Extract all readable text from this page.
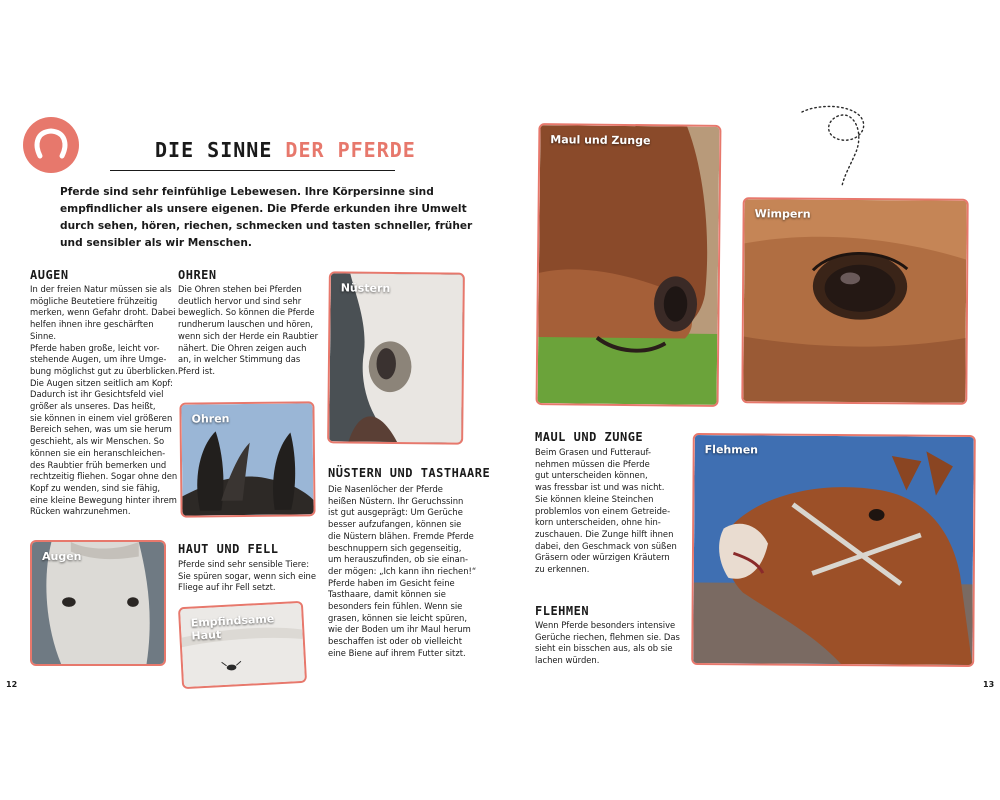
DIE SINNE DER PFERDE
Pferde sind sehr feinfühlige Lebewesen. Ihre Körpersinne sind empfindlicher als unsere eigenen. Die Pferde erkunden ihre Umwelt durch sehen, hören, riechen, schmecken und tasten schneller, früher und sensibler als wir Menschen.
AUGEN
In der freien Natur müssen sie als
mögliche Beutetiere frühzeitig
merken, wenn Gefahr droht. Dabei
helfen ihnen ihre geschärften Sinne.
Pferde haben große, leicht vor-
stehende Augen, um ihre Umge-
bung möglichst gut zu überblicken.
Die Augen sitzen seitlich am Kopf:
Dadurch ist ihr Gesichtsfeld viel
größer als unseres. Das heißt,
sie können in einem viel größeren
Bereich sehen, was um sie herum
geschieht, als wir Menschen. So
können sie ein heranschleichen-
des Raubtier früh bemerken und
rechtzeitig fliehen. Sogar ohne den
Kopf zu wenden, sind sie fähig,
eine kleine Bewegung hinter ihrem
Rücken wahrzunehmen.
OHREN
Die Ohren stehen bei Pferden
deutlich hervor und sind sehr
beweglich. So können die Pferde
rundherum lauschen und hören,
wenn sich der Herde ein Raubtier
nähert. Die Ohren zeigen auch
an, in welcher Stimmung das
Pferd ist.
HAUT UND FELL
Pferde sind sehr sensible Tiere:
Sie spüren sogar, wenn sich eine
Fliege auf ihr Fell setzt.
NÜSTERN UND TASTHAARE
Die Nasenlöcher der Pferde
heißen Nüstern. Ihr Geruchssinn
ist gut ausgeprägt: Um Gerüche
besser aufzufangen, können sie
die Nüstern blähen. Fremde Pferde
beschnuppern sich gegenseitig,
um herauszufinden, ob sie einan-
der mögen: „Ich kann ihn riechen!“
Pferde haben im Gesicht feine
Tasthaare, damit können sie
besonders fein fühlen. Wenn sie
grasen, können sie leicht spüren,
wie der Boden um ihr Maul herum
beschaffen ist oder ob vielleicht
eine Biene auf ihrem Futter sitzt.
MAUL UND ZUNGE
Beim Grasen und Futterauf-
nehmen müssen die Pferde
gut unterscheiden können,
was fressbar ist und was nicht.
Sie können kleine Steinchen
problemlos von einem Getreide-
korn unterscheiden, ohne hin-
zuschauen. Die Zunge hilft ihnen
dabei, den Geschmack von süßen
Gräsern oder würzigen Kräutern
zu erkennen.
FLEHMEN
Wenn Pferde besonders intensive
Gerüche riechen, flehmen sie. Das
sieht ein bisschen aus, als ob sie
lachen würden.
Nüstern
Ohren
Augen
Empfindsame Haut
Maul und Zunge
Wimpern
Flehmen
12	13
